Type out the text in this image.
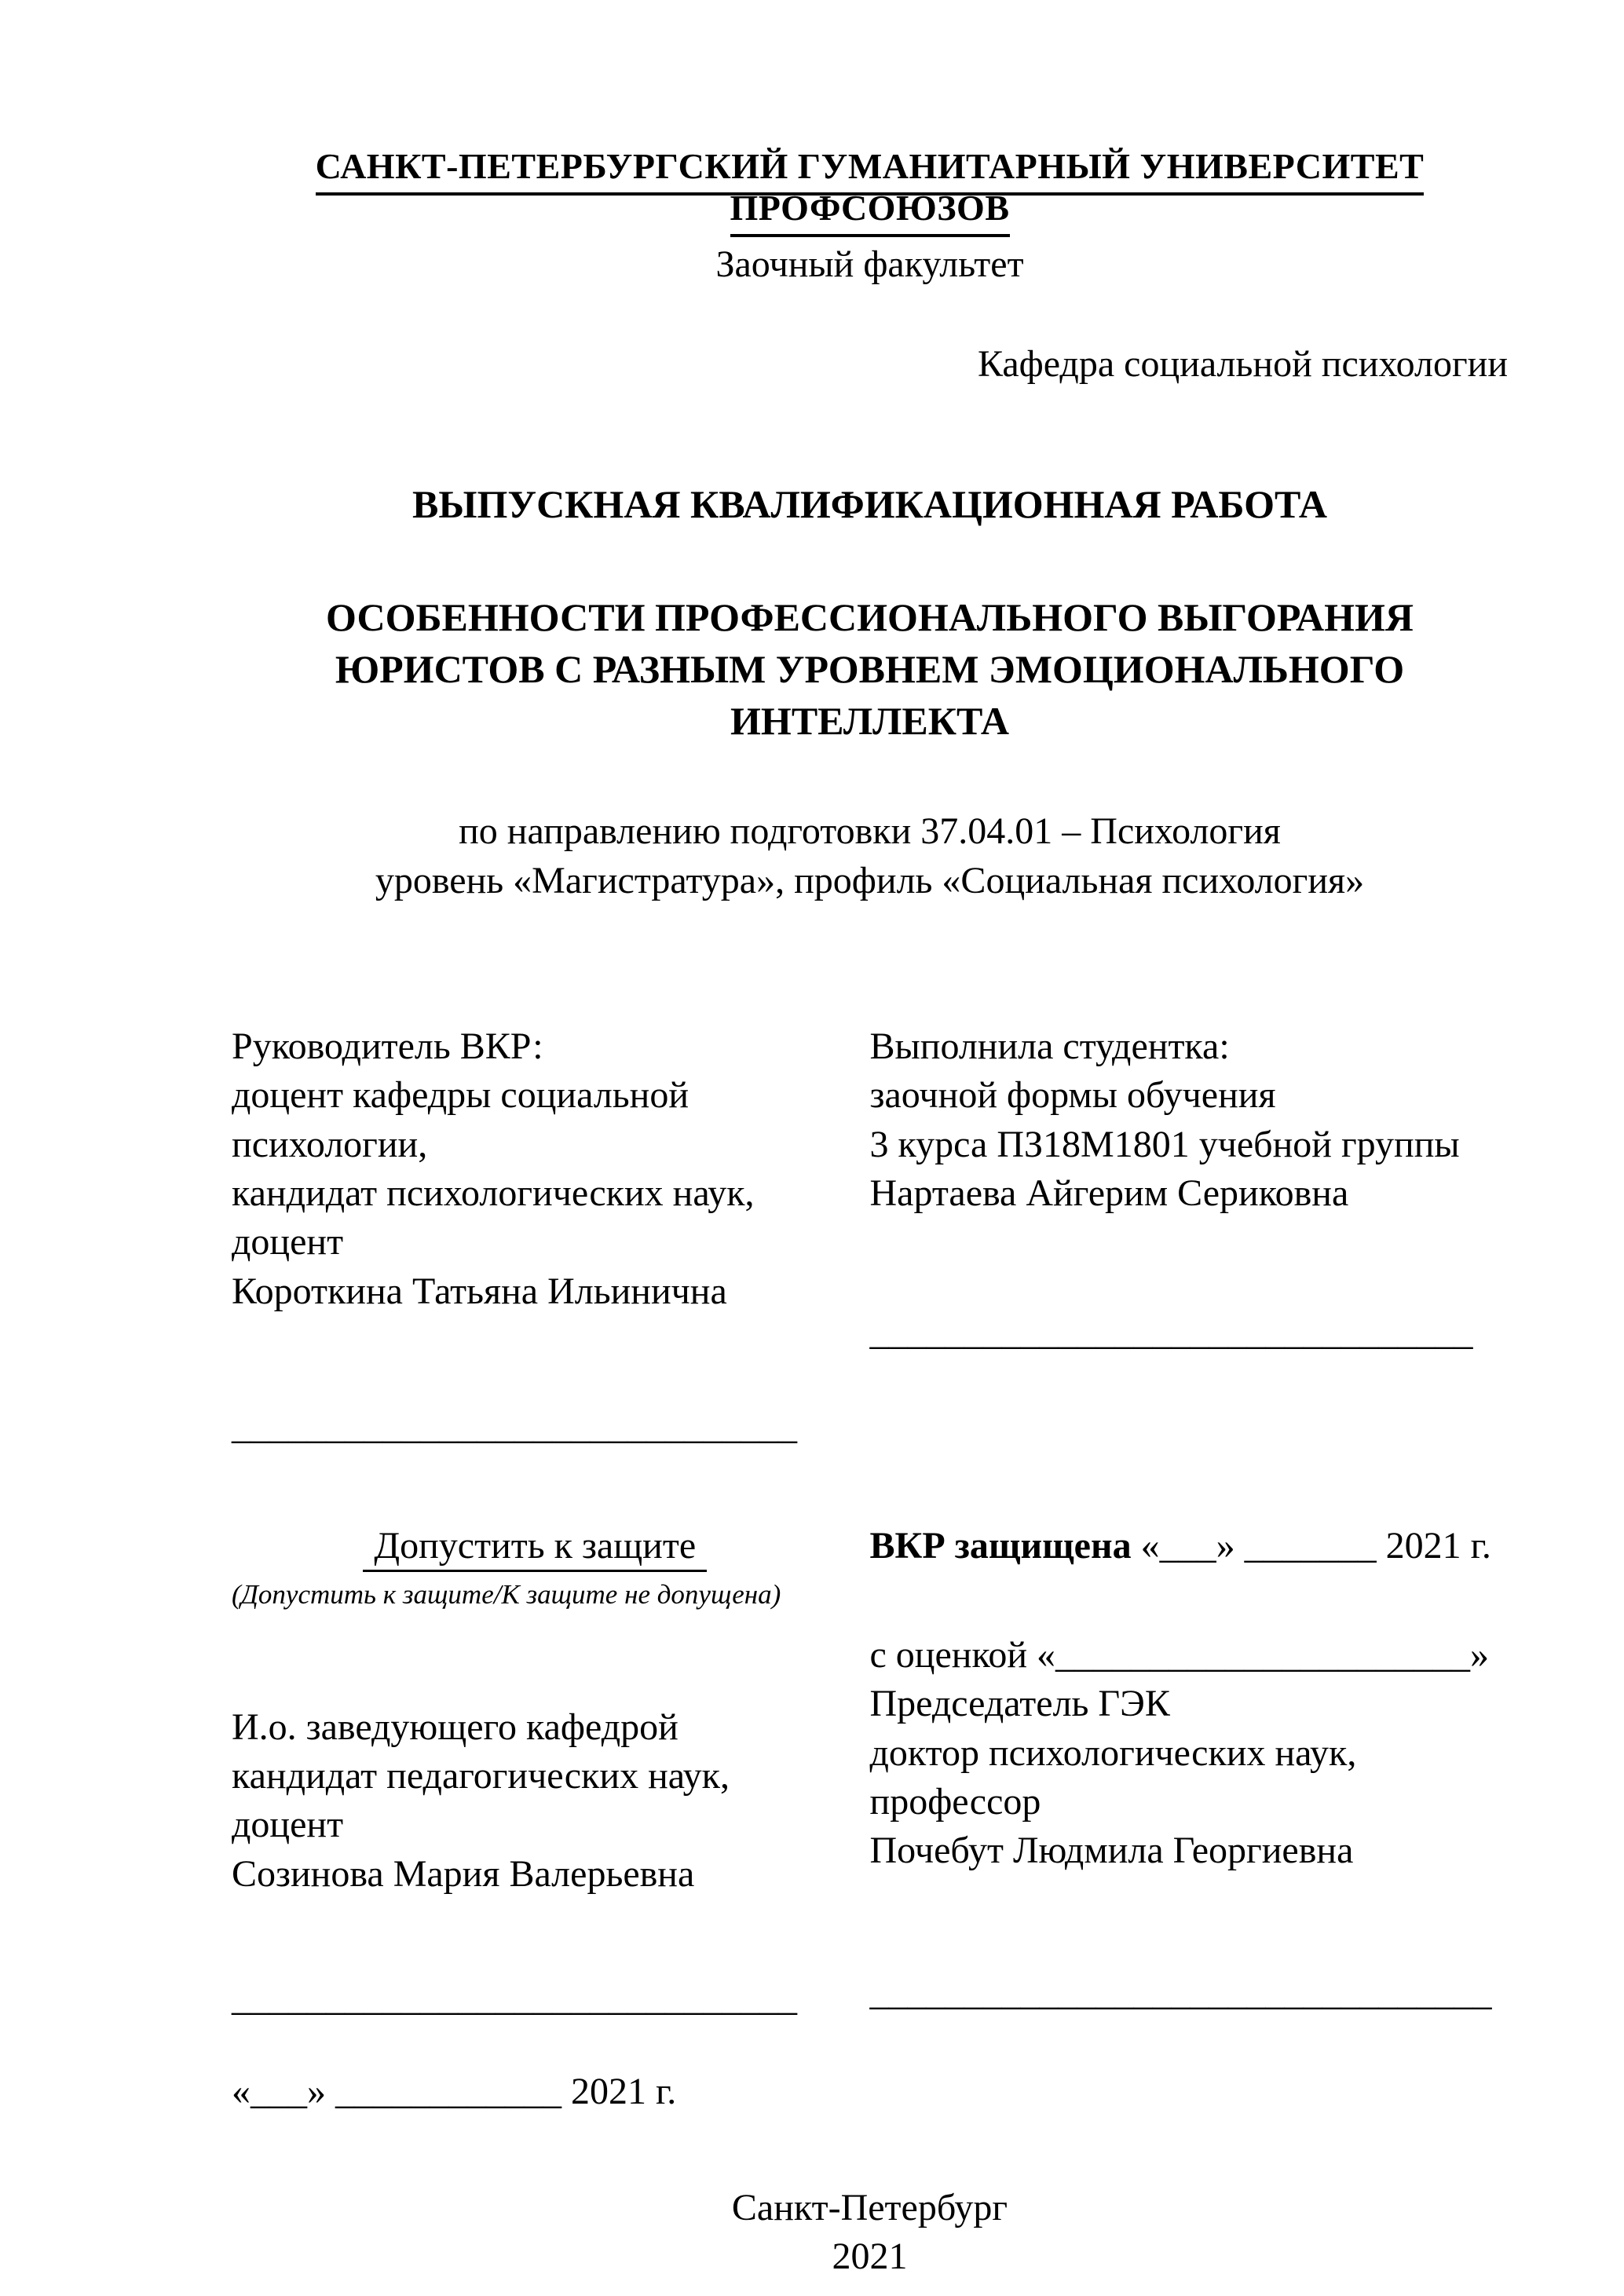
САНКТ-ПЕТЕРБУРГСКИЙ ГУМАНИТАРНЫЙ УНИВЕРСИТЕТ ПРОФСОЮЗОВ
Заочный факультет
Кафедра социальной психологии
ВЫПУСКНАЯ КВАЛИФИКАЦИОННАЯ РАБОТА
ОСОБЕННОСТИ ПРОФЕССИОНАЛЬНОГО ВЫГОРАНИЯ
ЮРИСТОВ С РАЗНЫМ УРОВНЕМ ЭМОЦИОНАЛЬНОГО
ИНТЕЛЛЕКТА
по направлению подготовки 37.04.01 – Психология
уровень «Магистратура», профиль «Социальная психология»
Руководитель ВКР:
доцент кафедры социальной
психологии,
кандидат психологических наук,
доцент
Короткина Татьяна Ильинична
______________________________
Выполнила студентка:
заочной формы обучения
3 курса ПЗ18М1801 учебной группы
Нартаева Айгерим Сериковна
________________________________
Допустить к защите
(Допустить к защите/К защите не допущена)
И.о. заведующего кафедрой
кандидат педагогических наук,
доцент
Созинова Мария Валерьевна
______________________________
«___» ____________ 2021 г.
ВКР защищена «___» _______ 2021 г.
с оценкой «______________________»
Председатель ГЭК
доктор психологических наук,
профессор
Почебут Людмила Георгиевна
_________________________________
Санкт-Петербург
2021
